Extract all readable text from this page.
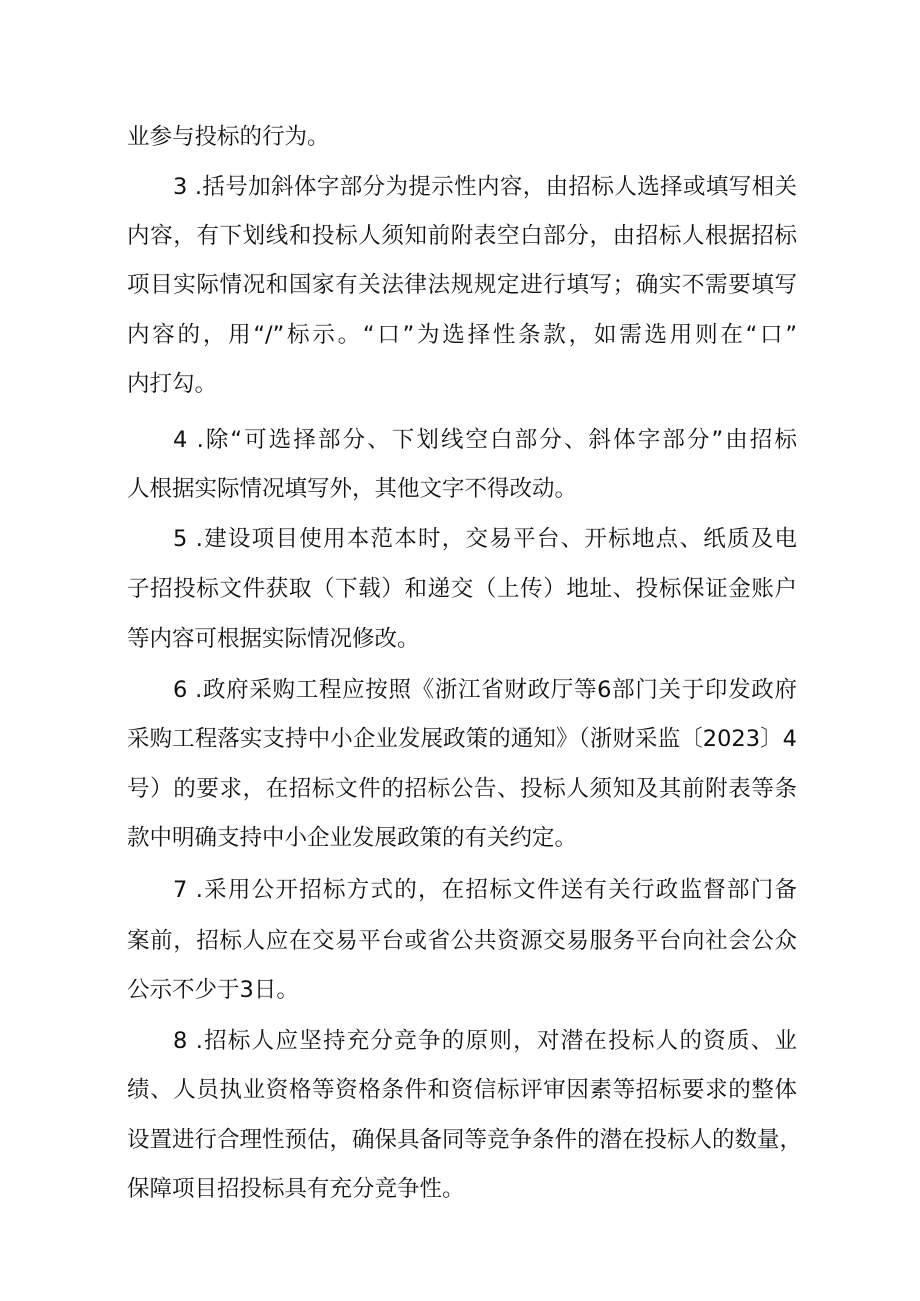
业参与投标的行为。
3 .括号加斜体字部分为提示性内容，由招标人选择或填写相关
内容，有下划线和投标人须知前附表空白部分，由招标人根据招标
项目实际情况和国家有关法律法规规定进行填写；确实不需要填写
内容的，用“/”标示。“口”为选择性条款，如需选用则在“口”
内打勾。
4 .除“可选择部分、下划线空白部分、斜体字部分”由招标
人根据实际情况填写外，其他文字不得改动。
5 .建设项目使用本范本时，交易平台、开标地点、纸质及电
子招投标文件获取（下载）和递交（上传）地址、投标保证金账户
等内容可根据实际情况修改。
6 .政府采购工程应按照《浙江省财政厅等6部门关于印发政府
采购工程落实支持中小企业发展政策的通知》（浙财采监〔2023〕4
号）的要求，在招标文件的招标公告、投标人须知及其前附表等条
款中明确支持中小企业发展政策的有关约定。
7 .采用公开招标方式的，在招标文件送有关行政监督部门备
案前，招标人应在交易平台或省公共资源交易服务平台向社会公众
公示不少于3日。
8 .招标人应坚持充分竞争的原则，对潜在投标人的资质、业
绩、人员执业资格等资格条件和资信标评审因素等招标要求的整体
设置进行合理性预估，确保具备同等竞争条件的潜在投标人的数量，
保障项目招投标具有充分竞争性。
